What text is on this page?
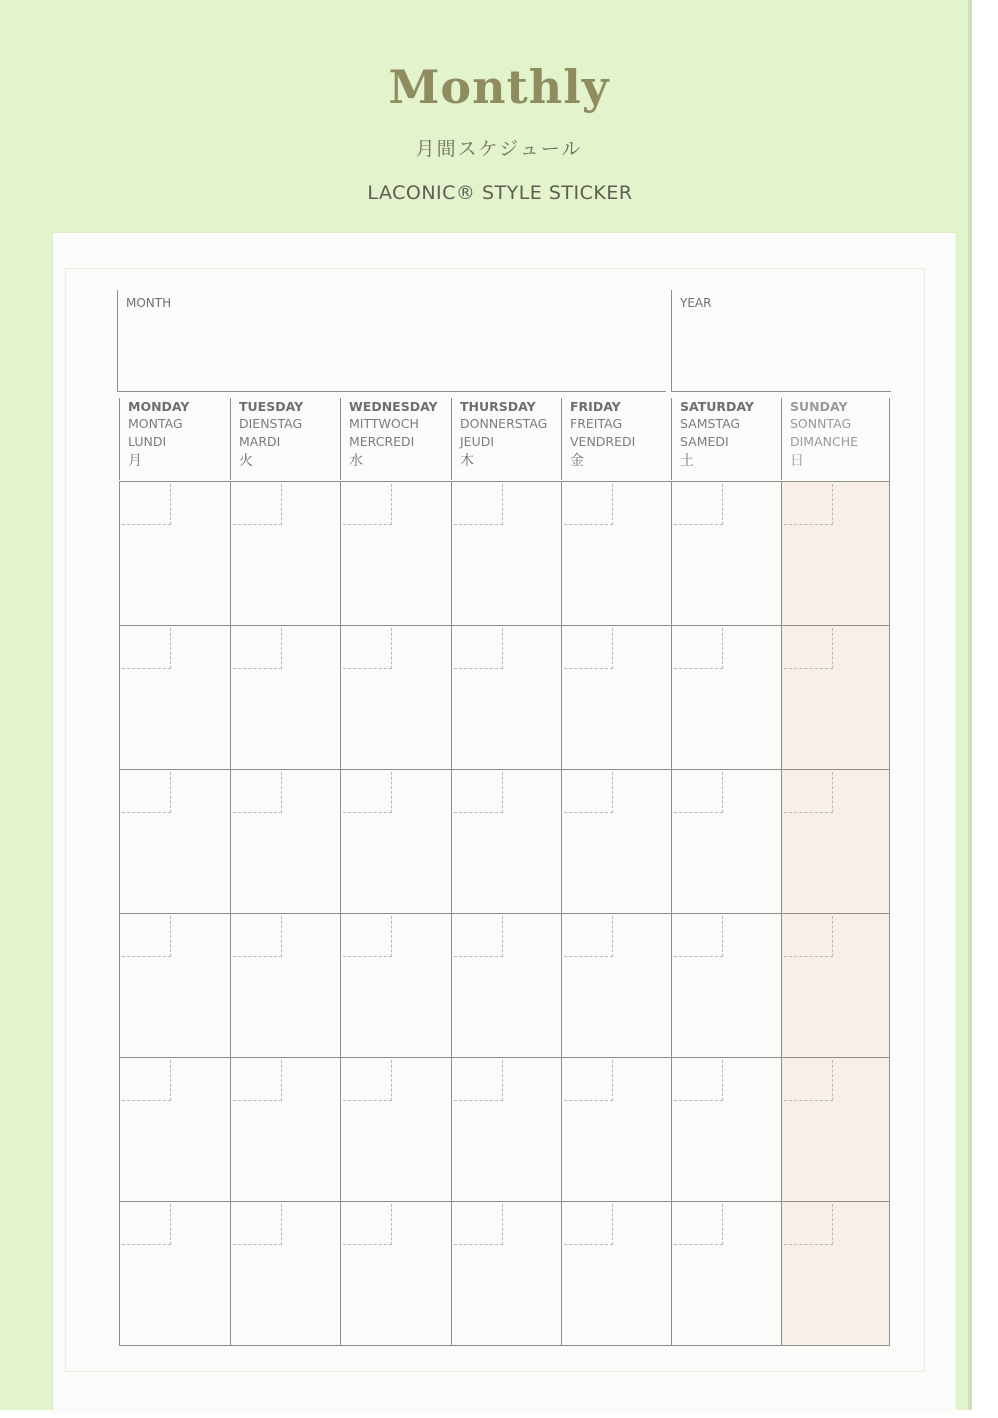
Monthly
月間スケジュール
LACONIC® STYLE STICKER
MONTH	YEAR
MONDAY
MONTAG
LUNDI
月
TUESDAY
DIENSTAG
MARDI
火
WEDNESDAY
MITTWOCH
MERCREDI
水
THURSDAY
DONNERSTAG
JEUDI
木
FRIDAY
FREITAG
VENDREDI
金
SATURDAY
SAMSTAG
SAMEDI
土
SUNDAY
SONNTAG
DIMANCHE
日
